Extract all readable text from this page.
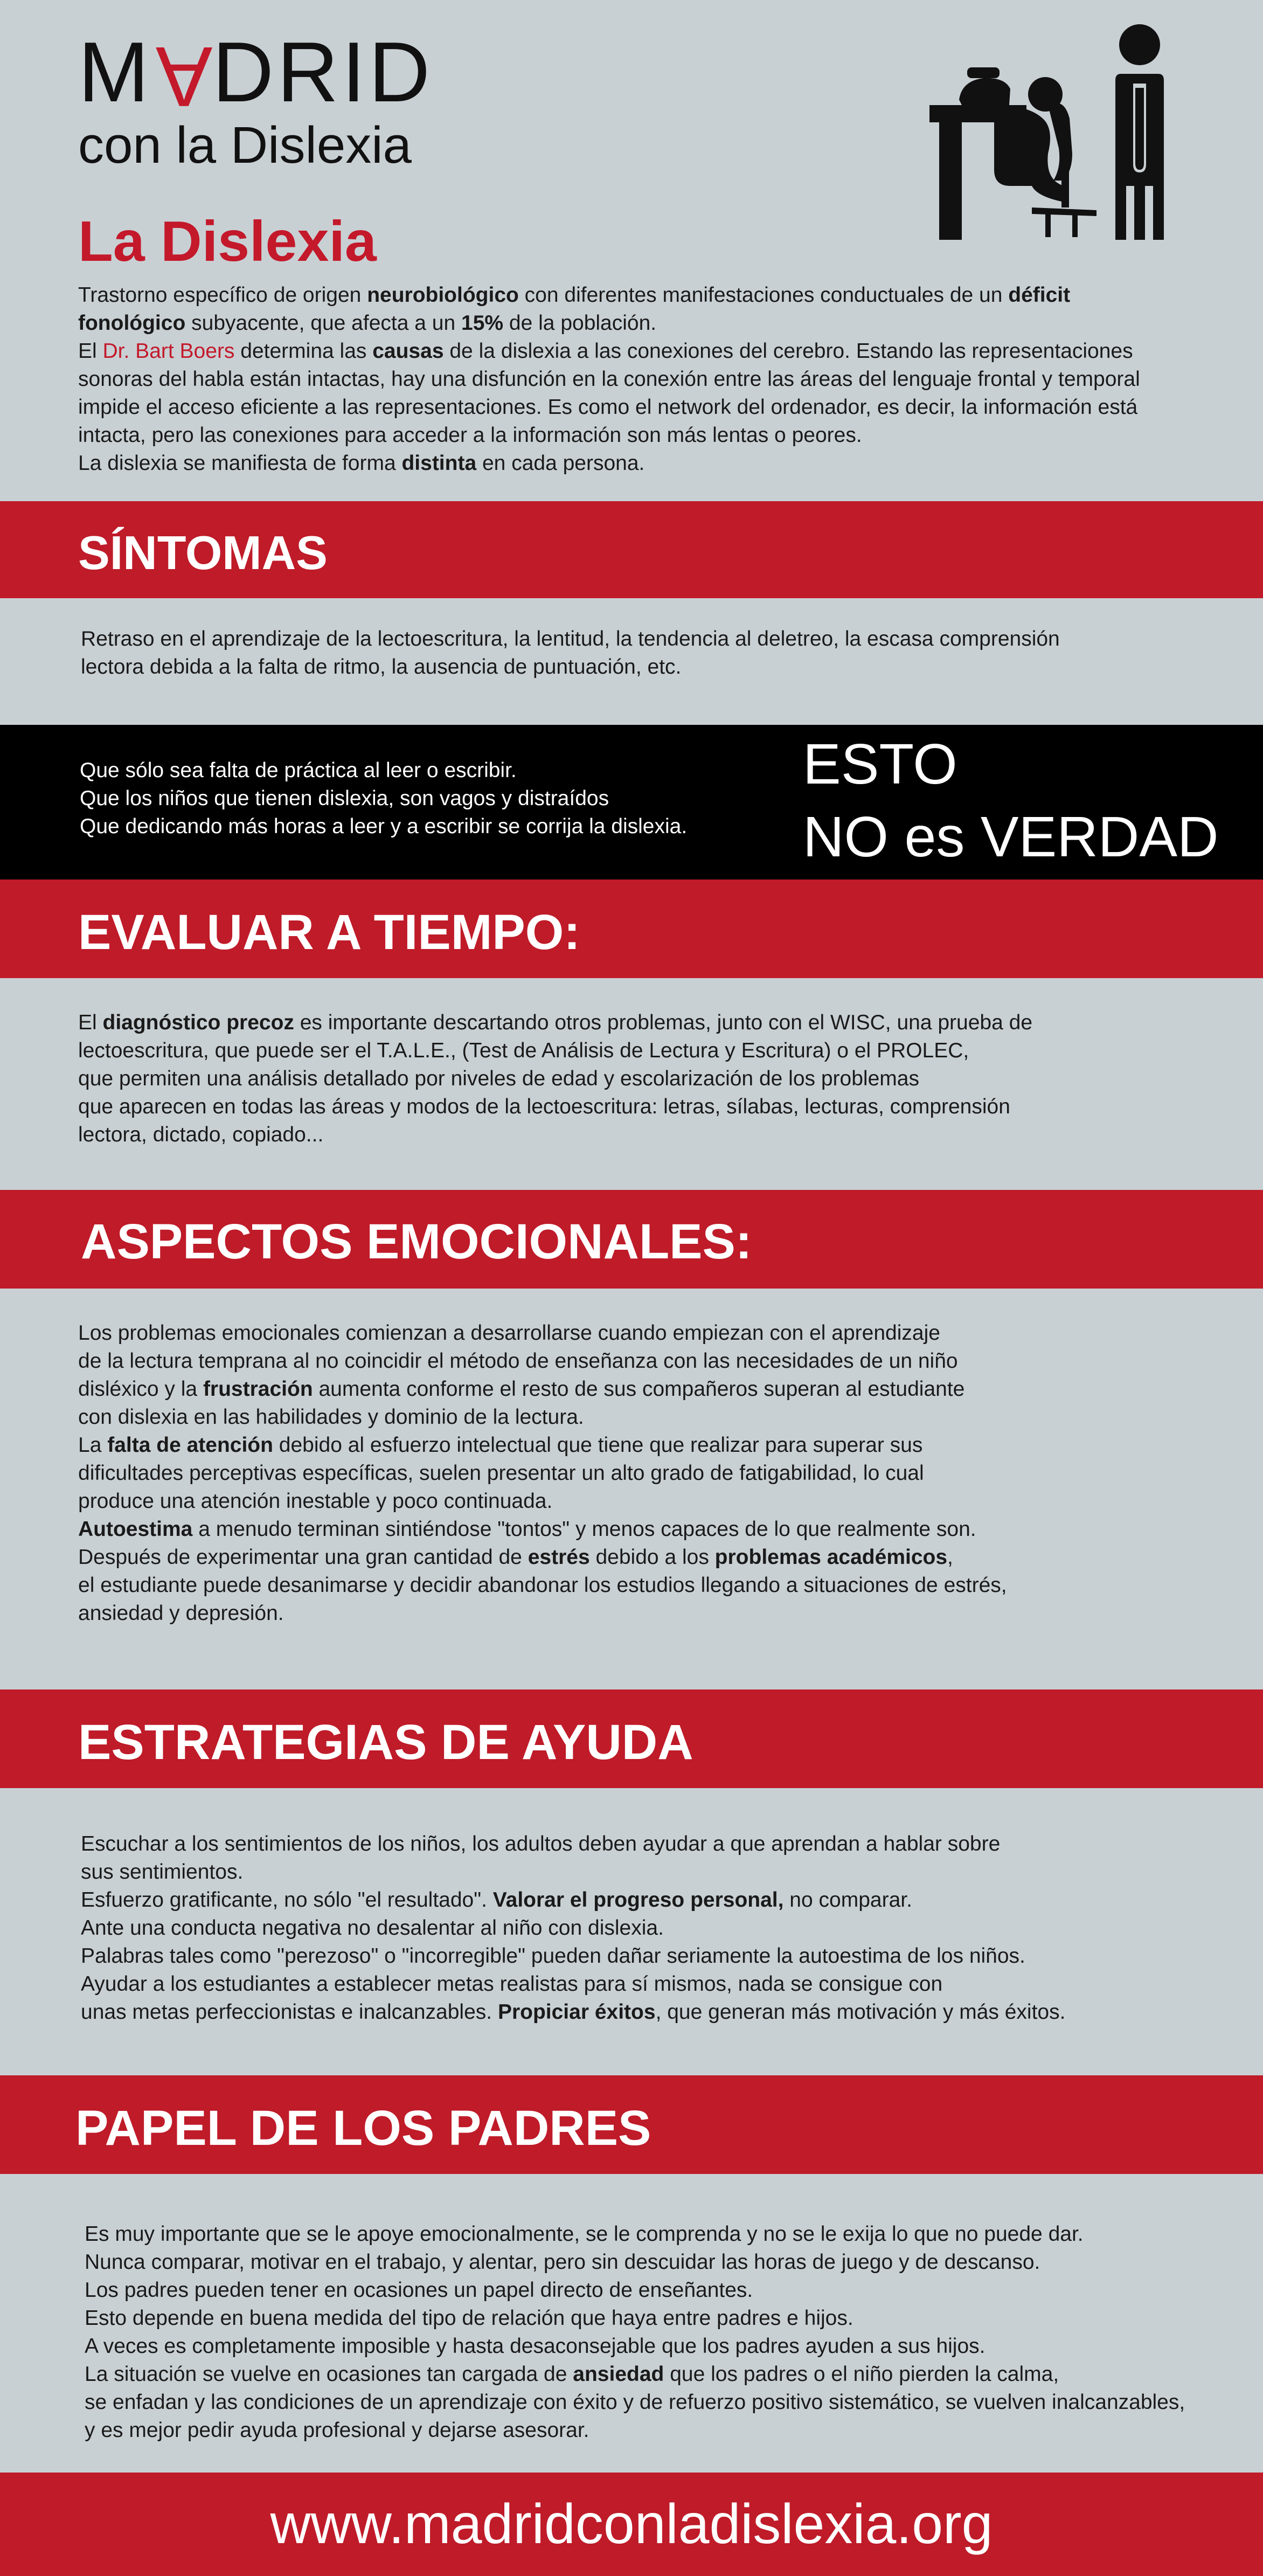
MADRID

con la Dislexia

La Dislexia

Trastorno específico de origen neurobiológico con diferentes manifestaciones conductuales de un déficit

fonológico subyacente, que afecta a un 15% de la población.

El Dr. Bart Boers determina las causas de la dislexia a las conexiones del cerebro. Estando las representaciones

sonoras del habla están intactas, hay una disfunción en la conexión entre las áreas del lenguaje frontal y temporal

impide el acceso eficiente a las representaciones. Es como el network del ordenador, es decir, la información está

intacta, pero las conexiones para acceder a la información son más lentas o peores.

La dislexia se manifiesta de forma distinta en cada persona.

SÍNTOMAS

Retraso en el aprendizaje de la lectoescritura, la lentitud, la tendencia al deletreo, la escasa comprensión

lectora debida a la falta de ritmo, la ausencia de puntuación, etc.

Que sólo sea falta de práctica al leer o escribir.

Que los niños que tienen dislexia, son vagos y distraídos

Que dedicando más horas a leer y a escribir se corrija la dislexia.

ESTO

NO es VERDAD

EVALUAR A TIEMPO:

El diagnóstico precoz es importante descartando otros problemas, junto con el WISC, una prueba de

lectoescritura, que puede ser el T.A.L.E., (Test de Análisis de Lectura y Escritura) o el PROLEC,

que permiten una análisis detallado por niveles de edad y escolarización de los problemas

que aparecen en todas las áreas y modos de la lectoescritura: letras, sílabas, lecturas, comprensión

lectora, dictado, copiado...

ASPECTOS EMOCIONALES:

Los problemas emocionales comienzan a desarrollarse cuando empiezan con el aprendizaje

de la lectura temprana al no coincidir el método de enseñanza con las necesidades de un niño

disléxico y la frustración aumenta conforme el resto de sus compañeros superan al estudiante

con dislexia en las habilidades y dominio de la lectura.

La falta de atención debido al esfuerzo intelectual que tiene que realizar para superar sus

dificultades perceptivas específicas, suelen presentar un alto grado de fatigabilidad, lo cual

produce una atención inestable y poco continuada.

Autoestima a menudo terminan sintiéndose "tontos" y menos capaces de lo que realmente son.

Después de experimentar una gran cantidad de estrés debido a los problemas académicos,

el estudiante puede desanimarse y decidir abandonar los estudios llegando a situaciones de estrés,

ansiedad y depresión.

ESTRATEGIAS DE AYUDA

Escuchar a los sentimientos de los niños, los adultos deben ayudar a que aprendan a hablar sobre

sus sentimientos.

Esfuerzo gratificante, no sólo "el resultado". Valorar el progreso personal, no comparar.

Ante una conducta negativa no desalentar al niño con dislexia.

Palabras tales como "perezoso" o "incorregible" pueden dañar seriamente la autoestima de los niños.

Ayudar a los estudiantes a establecer metas realistas para sí mismos, nada se consigue con

unas metas perfeccionistas e inalcanzables. Propiciar éxitos, que generan más motivación y más éxitos.

PAPEL DE LOS PADRES

Es muy importante que se le apoye emocionalmente, se le comprenda y no se le exija lo que no puede dar.

Nunca comparar, motivar en el trabajo, y alentar, pero sin descuidar las horas de juego y de descanso.

Los padres pueden tener en ocasiones un papel directo de enseñantes.

Esto depende en buena medida del tipo de relación que haya entre padres e hijos.

A veces es completamente imposible y hasta desaconsejable que los padres ayuden a sus hijos.

La situación se vuelve en ocasiones tan cargada de ansiedad que los padres o el niño pierden la calma,

se enfadan y las condiciones de un aprendizaje con éxito y de refuerzo positivo sistemático, se vuelven inalcanzables,

y es mejor pedir ayuda profesional y dejarse asesorar.

www.madridconladislexia.org
